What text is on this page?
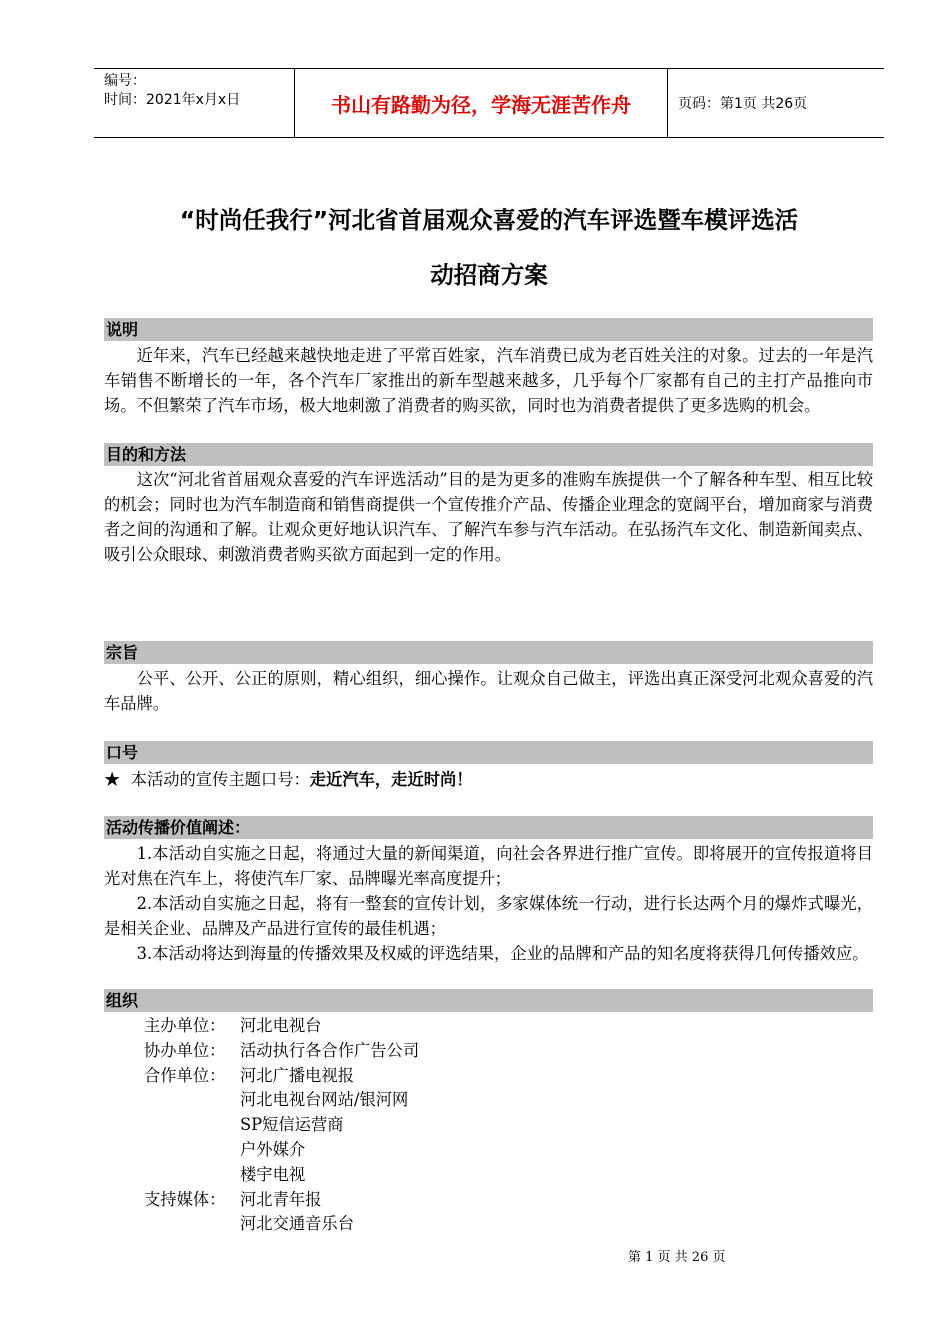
编号：
时间：2021年x月x日	书山有路勤为径，学海无涯苦作舟	页码：第1页 共26页
“时尚任我行”河北省首届观众喜爱的汽车评选暨车模评选活
动招商方案
说明

近年来，汽车已经越来越快地走进了平常百姓家，汽车消费已成为老百姓关注的对象。过去的一年是汽车销售不断增长的一年，各个汽车厂家推出的新车型越来越多，几乎每个厂家都有自己的主打产品推向市场。不但繁荣了汽车市场，极大地刺激了消费者的购买欲，同时也为消费者提供了更多选购的机会。

目的和方法

这次“河北省首届观众喜爱的汽车评选活动”目的是为更多的准购车族提供一个了解各种车型、相互比较的机会；同时也为汽车制造商和销售商提供一个宣传推介产品、传播企业理念的宽阔平台，增加商家与消费者之间的沟通和了解。让观众更好地认识汽车、了解汽车参与汽车活动。在弘扬汽车文化、制造新闻卖点、吸引公众眼球、刺激消费者购买欲方面起到一定的作用。

宗旨

公平、公开、公正的原则，精心组织，细心操作。让观众自己做主，评选出真正深受河北观众喜爱的汽车品牌。

口号
★ 本活动的宣传主题口号：走近汽车，走近时尚！
活动传播价值阐述：

1.本活动自实施之日起，将通过大量的新闻渠道，向社会各界进行推广宣传。即将展开的宣传报道将目光对焦在汽车上，将使汽车厂家、品牌曝光率高度提升；

2.本活动自实施之日起，将有一整套的宣传计划，多家媒体统一行动，进行长达两个月的爆炸式曝光，是相关企业、品牌及产品进行宣传的最佳机遇；

3.本活动将达到海量的传播效果及权威的评选结果，企业的品牌和产品的知名度将获得几何传播效应。

组织
主办单位： 河北电视台
协办单位： 活动执行各合作广告公司
合作单位： 河北广播电视报
河北电视台网站/银河网
SP短信运营商
户外媒介
楼宇电视
支持媒体： 河北青年报
河北交通音乐台
第 1 页 共 26 页
